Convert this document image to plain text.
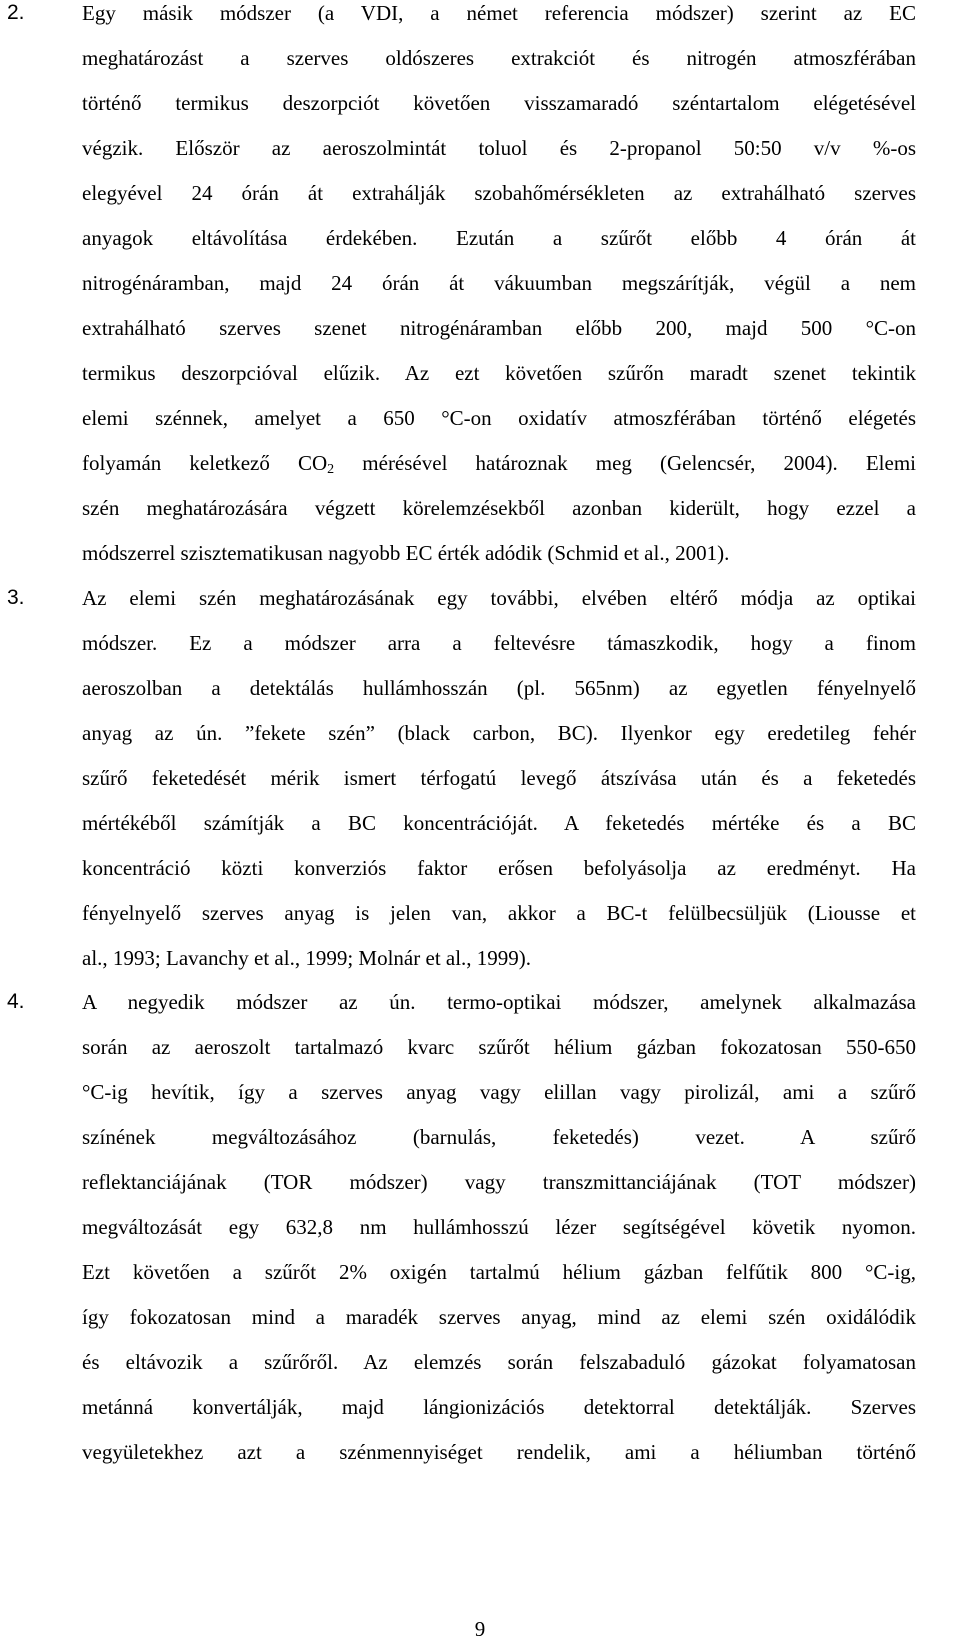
2.	Egy másik módszer (a VDI, a német referencia módszer) szerint az EC
meghatározást a szerves oldószeres extrakciót és nitrogén atmoszférában
történő termikus deszorpciót követően visszamaradó széntartalom elégetésével
végzik. Először az aeroszolmintát toluol és 2-propanol 50:50 v/v %-os
elegyével 24 órán át extrahálják szobahőmérsékleten az extrahálható szerves
anyagok eltávolítása érdekében. Ezután a szűrőt előbb 4 órán át
nitrogénáramban, majd 24 órán át vákuumban megszárítják, végül a nem
extrahálható szerves szenet nitrogénáramban előbb 200, majd 500 °C-on
termikus deszorpcióval elűzik. Az ezt követően szűrőn maradt szenet tekintik
elemi szénnek, amelyet a 650 °C-on oxidatív atmoszférában történő elégetés
folyamán keletkező $CO_2$ mérésével határoznak meg (Gelencsér, 2004). Elemi
szén meghatározására végzett körelemzésekből azonban kiderült, hogy ezzel a
módszerrel szisztematikusan nagyobb EC érték adódik (Schmid et al., 2001).
3.	Az elemi szén meghatározásának egy további, elvében eltérő módja az optikai
módszer. Ez a módszer arra a feltevésre támaszkodik, hogy a finom
aeroszolban a detektálás hullámhosszán (pl. 565nm) az egyetlen fényelnyelő
anyag az ún. ”fekete szén” (black carbon, BC). Ilyenkor egy eredetileg fehér
szűrő feketedését mérik ismert térfogatú levegő átszívása után és a feketedés
mértékéből számítják a BC koncentrációját. A feketedés mértéke és a BC
koncentráció közti konverziós faktor erősen befolyásolja az eredményt. Ha
fényelnyelő szerves anyag is jelen van, akkor a BC-t felülbecsüljük (Liousse et
al., 1993; Lavanchy et al., 1999; Molnár et al., 1999).
4.	A negyedik módszer az ún. termo-optikai módszer, amelynek alkalmazása
során az aeroszolt tartalmazó kvarc szűrőt hélium gázban fokozatosan 550-650
°C-ig hevítik, így a szerves anyag vagy elillan vagy pirolizál, ami a szűrő
színének megváltozásához (barnulás, feketedés) vezet. A szűrő
reflektanciájának (TOR módszer) vagy transzmittanciájának (TOT módszer)
megváltozását egy 632,8 nm hullámhosszú lézer segítségével követik nyomon.
Ezt követően a szűrőt 2% oxigén tartalmú hélium gázban felfűtik 800 °C-ig,
így fokozatosan mind a maradék szerves anyag, mind az elemi szén oxidálódik
és eltávozik a szűrőről. Az elemzés során felszabaduló gázokat folyamatosan
metánná konvertálják, majd lángionizációs detektorral detektálják. Szerves
vegyületekhez azt a szénmennyiséget rendelik, ami a héliumban történő
9
